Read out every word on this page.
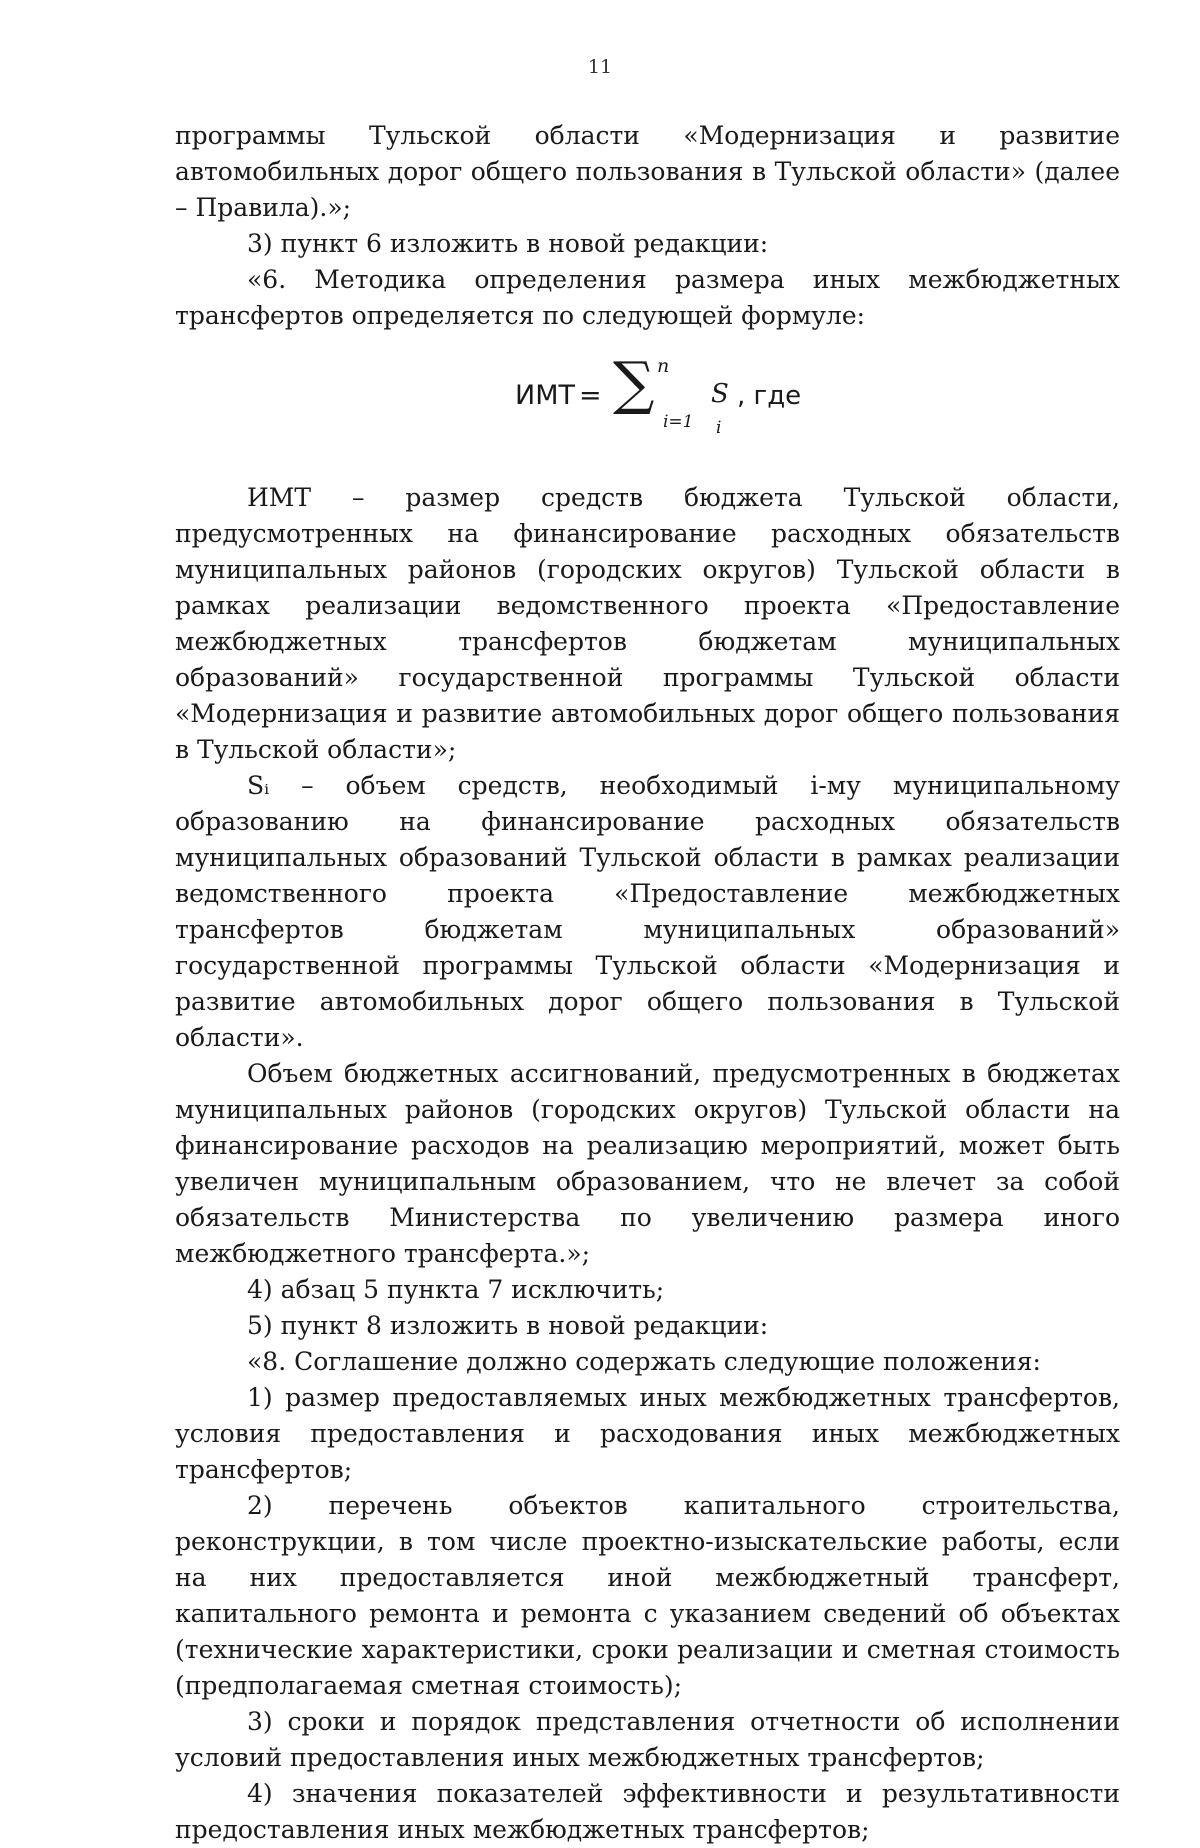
11

программы Тульской области «Модернизация и развитие автомобильных дорог общего пользования в Тульской области» (далее – Правила).»;

3) пункт 6 изложить в новой редакции:

«6. Методика определения размера иных межбюджетных трансфертов определяется по следующей формуле:

ИМТ = ∑ n
i=1
S
i
, где

ИМТ – размер средств бюджета Тульской области, предусмотренных на финансирование расходных обязательств муниципальных районов (городских округов) Тульской области в рамках реализации ведомственного проекта «Предоставление межбюджетных трансфертов бюджетам муниципальных образований» государственной программы Тульской области «Модернизация и развитие автомобильных дорог общего пользования в Тульской области»;

Sᵢ – объем средств, необходимый i-му муниципальному образованию на финансирование расходных обязательств муниципальных образований Тульской области в рамках реализации ведомственного проекта «Предоставление межбюджетных трансфертов бюджетам муниципальных образований» государственной программы Тульской области «Модернизация и развитие автомобильных дорог общего пользования в Тульской области».

Объем бюджетных ассигнований, предусмотренных в бюджетах муниципальных районов (городских округов) Тульской области на финансирование расходов на реализацию мероприятий, может быть увеличен муниципальным образованием, что не влечет за собой обязательств Министерства по увеличению размера иного межбюджетного трансферта.»;

4) абзац 5 пункта 7 исключить;

5) пункт 8 изложить в новой редакции:

«8. Соглашение должно содержать следующие положения:

1) размер предоставляемых иных межбюджетных трансфертов, условия предоставления и расходования иных межбюджетных трансфертов;

2) перечень объектов капитального строительства, реконструкции, в том числе проектно-изыскательские работы, если на них предоставляется иной межбюджетный трансферт, капитального ремонта и ремонта с указанием сведений об объектах (технические характеристики, сроки реализации и сметная стоимость (предполагаемая сметная стоимость);

3) сроки и порядок представления отчетности об исполнении условий предоставления иных межбюджетных трансфертов;

4) значения показателей эффективности и результативности предоставления иных межбюджетных трансфертов;
